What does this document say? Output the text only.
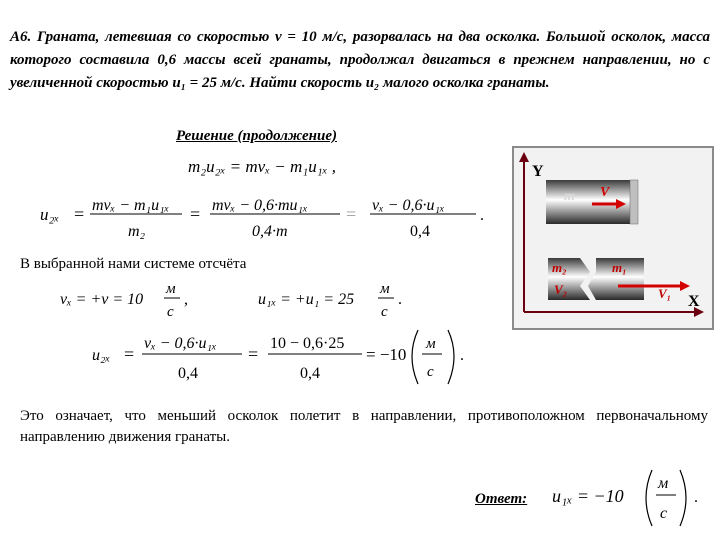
А6. Граната, летевшая со скоростью v = 10 м/с, разорвалась на два осколка. Большой осколок, масса которого составила 0,6 массы всей гранаты, продолжал двигаться в прежнем направлении, но с увеличенной скоростью u₁ = 25 м/с. Найти скорость u₂ малого осколка гранаты.
Решение (продолжение)
m₂u₂ₓ = mvₓ − m₁u₁ₓ ,
u₂ₓ = mvₓ − m₁u₁ₓ
m₂
= mvₓ − 0,6·mu₁ₓ
0,4·m
= vₓ − 0,6·u₁ₓ
0,4
.
В выбранной нами системе отсчёта
vₓ = +v = 10
м
с
,	u₁ₓ = +u₁ = 25
м
с
.
u₂ₓ =
vₓ − 0,6·u₁ₓ
0,4
=
10 − 0,6·25
0,4
= −10
м
с
.
Это означает, что меньший осколок полетит в направлении, противоположном первоначальному направлению движения гранаты.
Ответ: u₁ₓ = −10
м
с
.
Y
X
m V
m₂
V₂
m₁
V₁
